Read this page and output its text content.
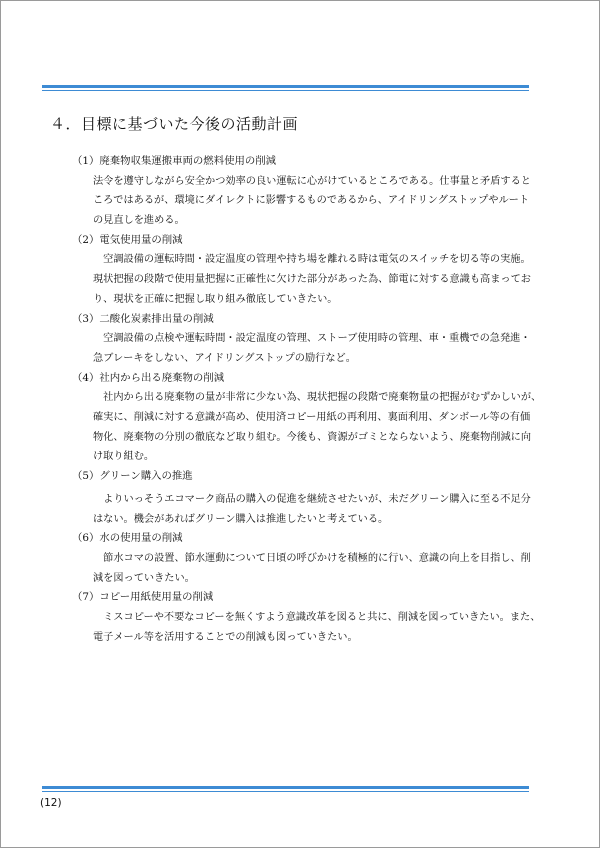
４．目標に基づいた今後の活動計画
（1）廃棄物収集運搬車両の燃料使用の削減

法令を遵守しながら安全かつ効率の良い運転に心がけているところである。仕事量と矛盾すると

ころではあるが、環境にダイレクトに影響するものであるから、アイドリングストップやルート

の見直しを進める。

（2）電気使用量の削減

　空調設備の運転時間・設定温度の管理や持ち場を離れる時は電気のスイッチを切る等の実施。

現状把握の段階で使用量把握に正確性に欠けた部分があった為、節電に対する意識も高まってお

り、現状を正確に把握し取り組み徹底していきたい。

（3）二酸化炭素排出量の削減

　空調設備の点検や運転時間・設定温度の管理、ストーブ使用時の管理、車・重機での急発進・

急ブレーキをしない、アイドリングストップの励行など。

（4）社内から出る廃棄物の削減

　社内から出る廃棄物の量が非常に少ない為、現状把握の段階で廃棄物量の把握がむずかしいが、

確実に、削減に対する意識が高め、使用済コピー用紙の再利用、裏面利用、ダンボール等の有価

物化、廃棄物の分別の徹底など取り組む。今後も、資源がゴミとならないよう、廃棄物削減に向

け取り組む。

（5）グリーン購入の推進

　よりいっそうエコマーク商品の購入の促進を継続させたいが、未だグリーン購入に至る不足分

はない。機会があればグリーン購入は推進したいと考えている。

（6）水の使用量の削減

　節水コマの設置、節水運動について日頃の呼びかけを積極的に行い、意識の向上を目指し、削

減を図っていきたい。

（7）コピー用紙使用量の削減

　ミスコピーや不要なコピーを無くすよう意識改革を図ると共に、削減を図っていきたい。また、

電子メール等を活用することでの削減も図っていきたい。

(12)
